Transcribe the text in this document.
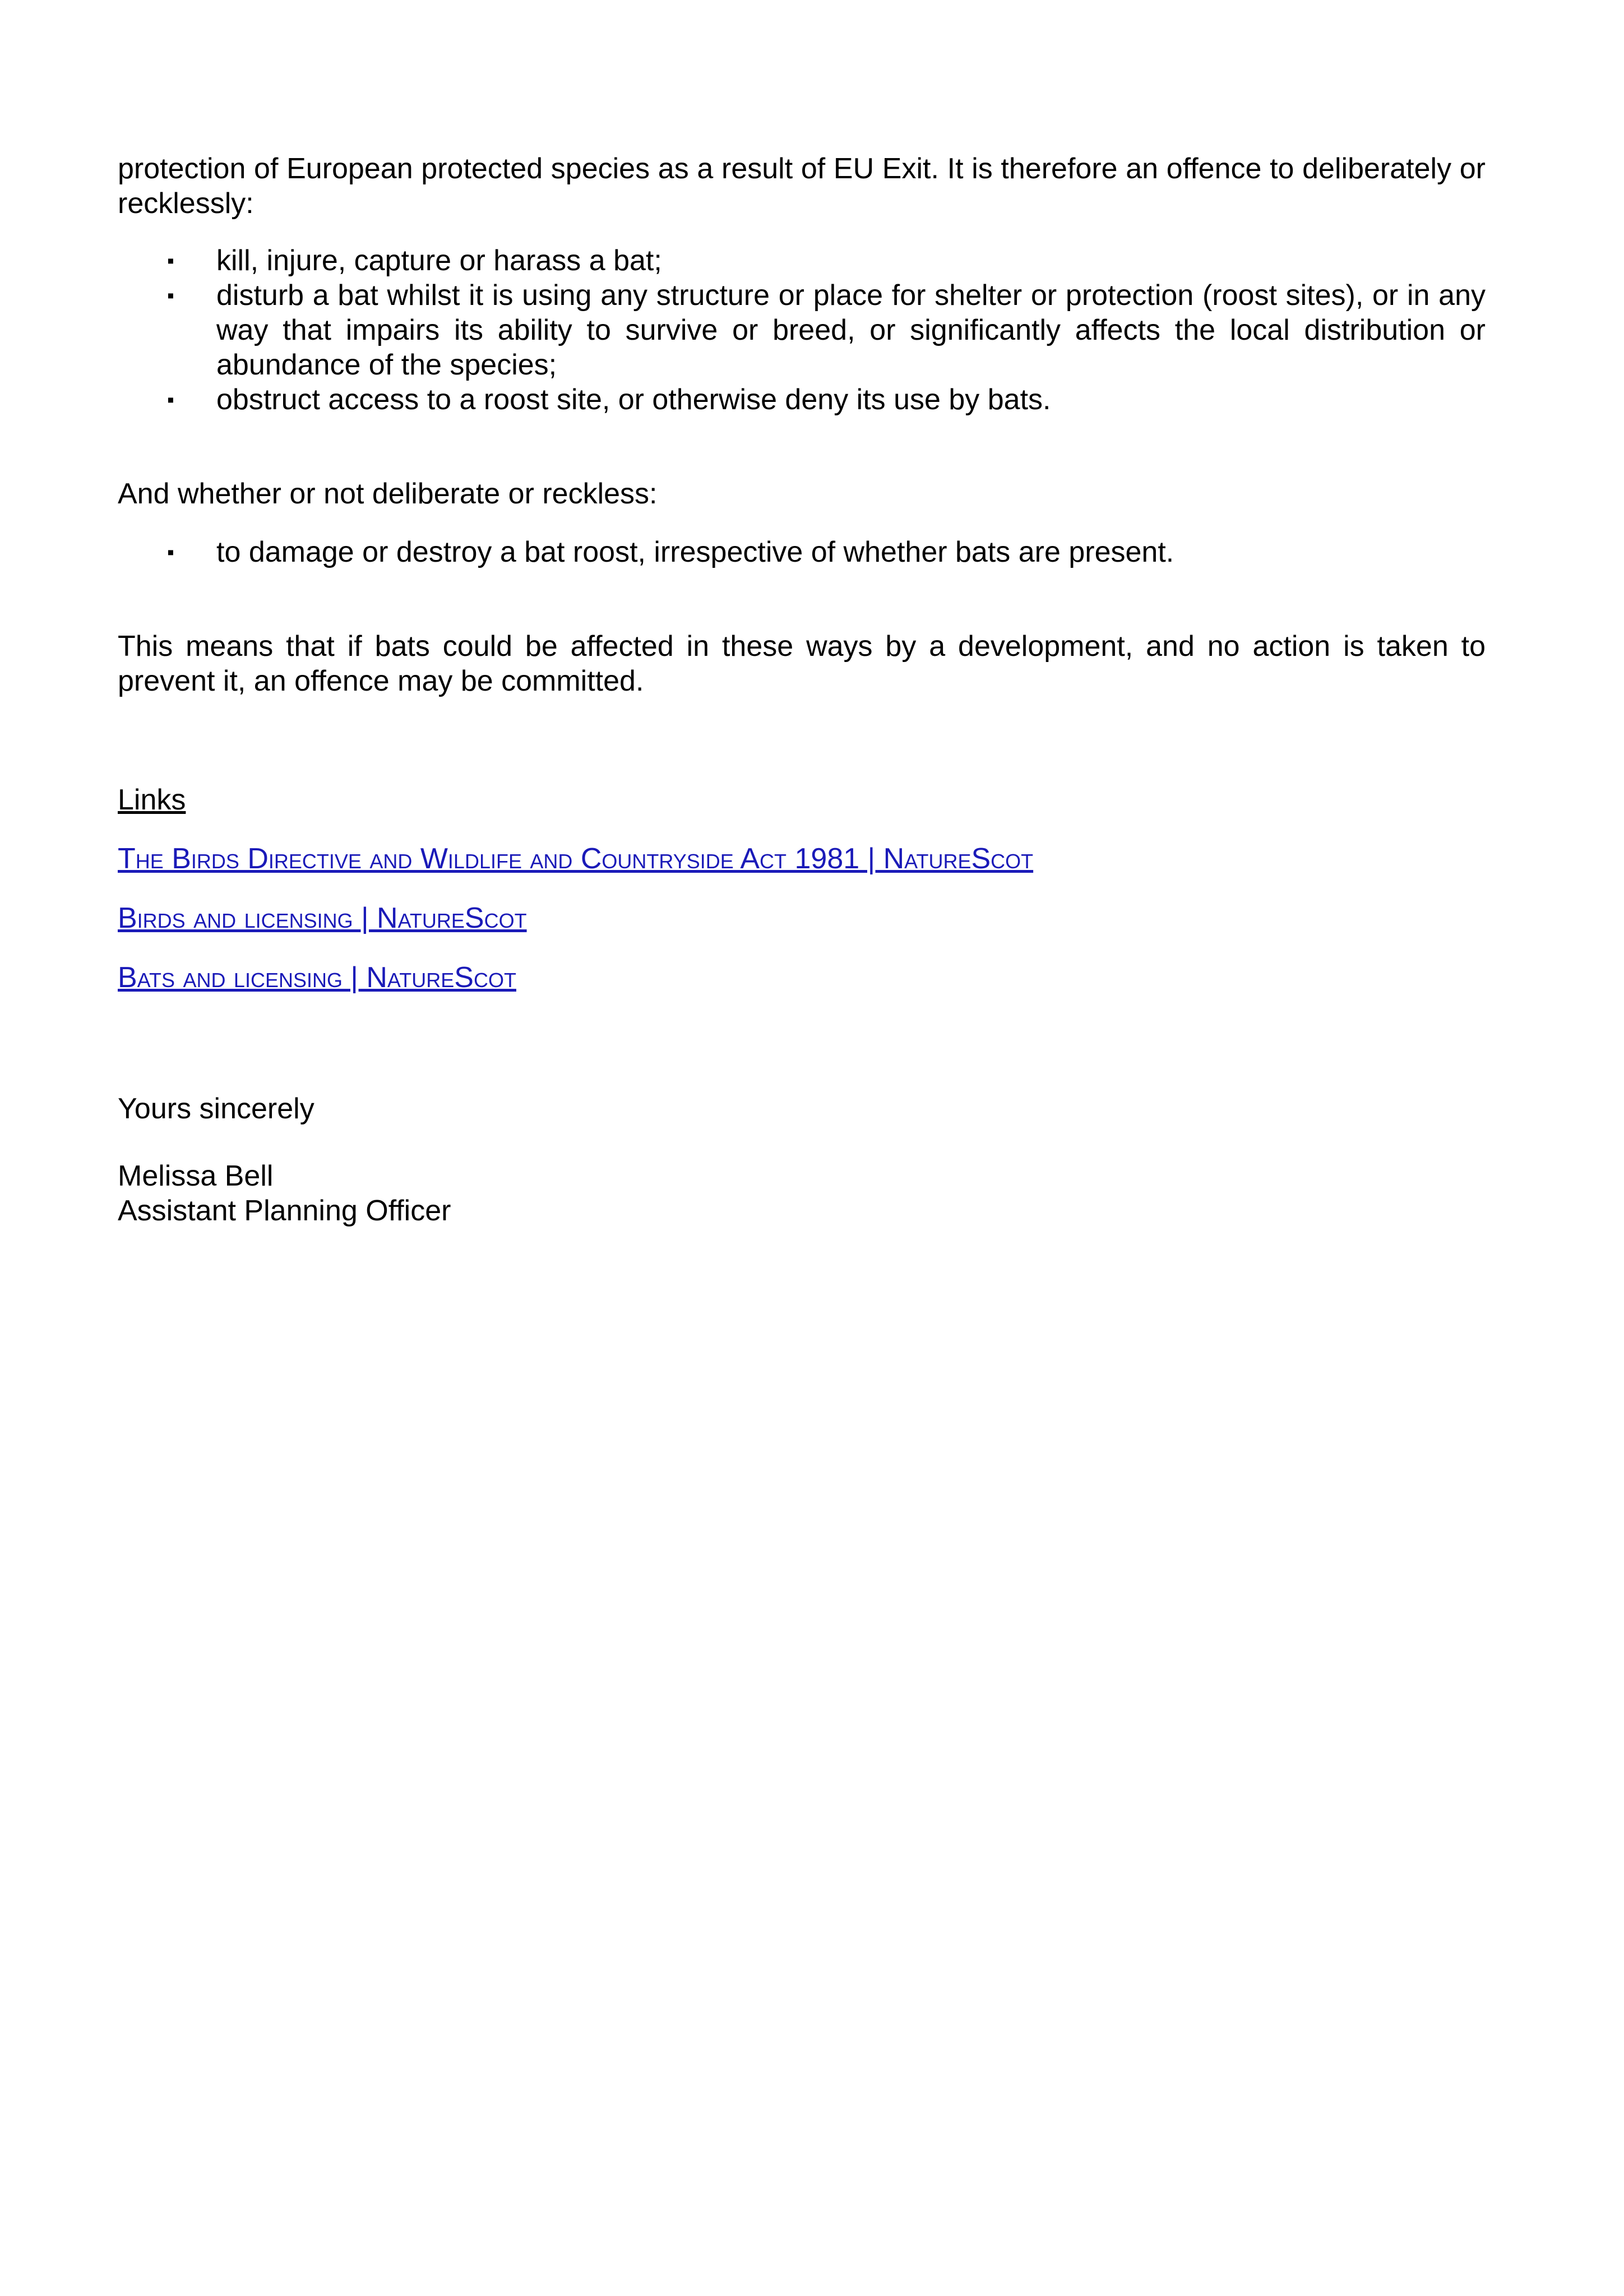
protection of European protected species as a result of EU Exit. It is therefore an offence to deliberately or recklessly:

▪ kill, injure, capture or harass a bat;
▪ disturb a bat whilst it is using any structure or place for shelter or protection (roost sites), or in any way that impairs its ability to survive or breed, or significantly affects the local distribution or abundance of the species;
▪ obstruct access to a roost site, or otherwise deny its use by bats.

And whether or not deliberate or reckless:

▪ to damage or destroy a bat roost, irrespective of whether bats are present.

This means that if bats could be affected in these ways by a development, and no action is taken to prevent it, an offence may be committed.

Links

The Birds Directive and Wildlife and Countryside Act 1981 | NatureScot
Birds and licensing | NatureScot
Bats and licensing | NatureScot

Yours sincerely

Melissa Bell

Assistant Planning Officer
